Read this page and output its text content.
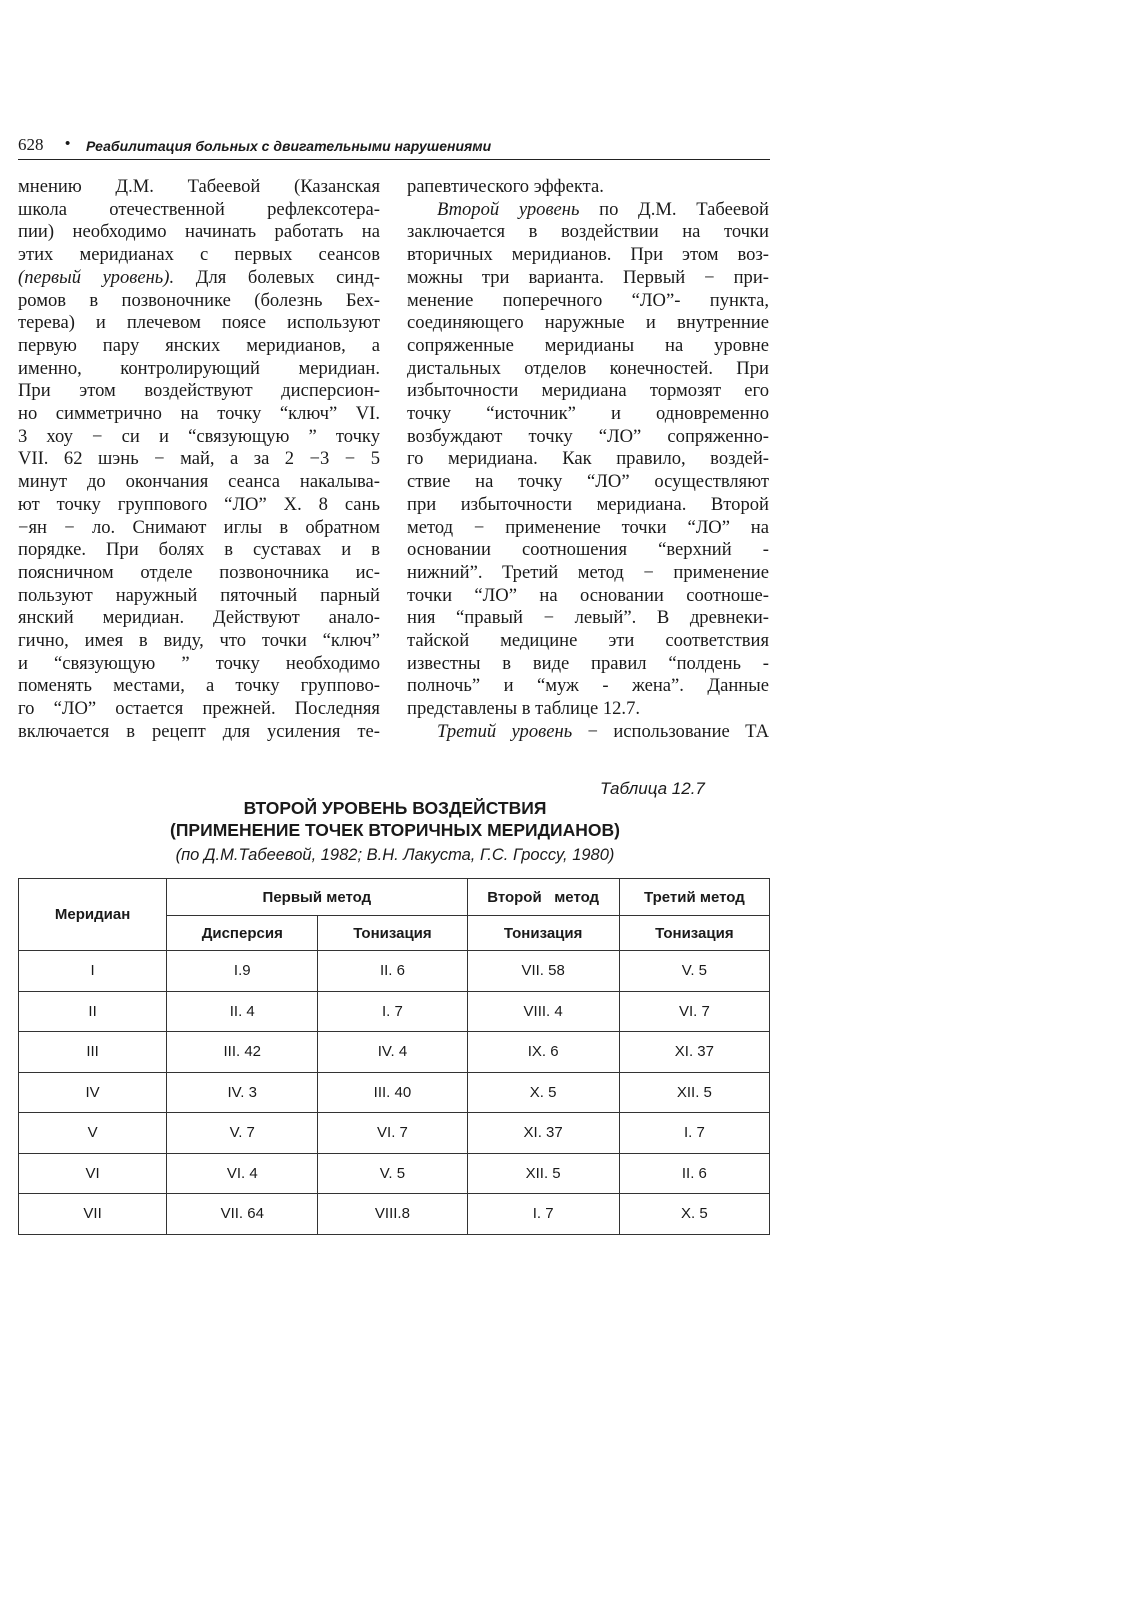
628 • Реабилитация больных с двигательными нарушениями
мнению Д.М. Табеевой (Казанская
школа отечественной рефлексотера-
пии) необходимо начинать работать на
этих меридианах с первых сеансов
(первый уровень). Для болевых синд-
ромов в позвоночнике (болезнь Бех-
терева) и плечевом поясе используют
первую пару янских меридианов, а
именно, контролирующий меридиан.
При этом воздействуют дисперсион-
но симметрично на точку “ключ” VI.
3 хоу − си и “связующую ” точку
VII. 62 шэнь − май, а за 2 −3 − 5
минут до окончания сеанса накалыва-
ют точку группового “ЛО” Х. 8 сань
−ян − ло. Снимают иглы в обратном
порядке. При болях в суставах и в
поясничном отделе позвоночника ис-
пользуют наружный пяточный парный
янский меридиан. Действуют анало-
гично, имея в виду, что точки “ключ”
и “связующую ” точку необходимо
поменять местами, а точку группово-
го “ЛО” остается прежней. Последняя
включается в рецепт для усиления те-
рапевтического эффекта.
Второй уровень по Д.М. Табеевой
заключается в воздействии на точки
вторичных меридианов. При этом воз-
можны три варианта. Первый − при-
менение поперечного “ЛО”- пункта,
соединяющего наружные и внутренние
сопряженные меридианы на уровне
дистальных отделов конечностей. При
избыточности меридиана тормозят его
точку “источник” и одновременно
возбуждают точку “ЛО” сопряженно-
го меридиана. Как правило, воздей-
ствие на точку “ЛО” осуществляют
при избыточности меридиана. Второй
метод − применение точки “ЛО” на
основании соотношения “верхний -
нижний”. Третий метод − применение
точки “ЛО” на основании соотноше-
ния “правый − левый”. В древнеки-
тайской медицине эти соответствия
известны в виде правил “полдень -
полночь” и “муж - жена”. Данные
представлены в таблице 12.7.
Третий уровень − использование ТА
Таблица 12.7
ВТОРОЙ УРОВЕНЬ ВОЗДЕЙСТВИЯ
(ПРИМЕНЕНИЕ ТОЧЕК ВТОРИЧНЫХ МЕРИДИАНОВ)
(по Д.М.Табеевой, 1982; В.Н. Лакуста, Г.С. Гроссу, 1980)
Меридиан	Первый метод		Второй   метод	Третий метод
	Дисперсия	Тонизация	Тонизация	Тонизация
I	I.9	II. 6	VII. 58	V. 5
II	II. 4	I. 7	VIII. 4	VI. 7
III	III. 42	IV. 4	IX. 6	XI. 37
IV	IV. 3	III. 40	X. 5	XII. 5
V	V. 7	VI. 7	XI. 37	I. 7
VI	VI. 4	V. 5	XII. 5	II. 6
VII	VII. 64	VIII.8	I. 7	X. 5
